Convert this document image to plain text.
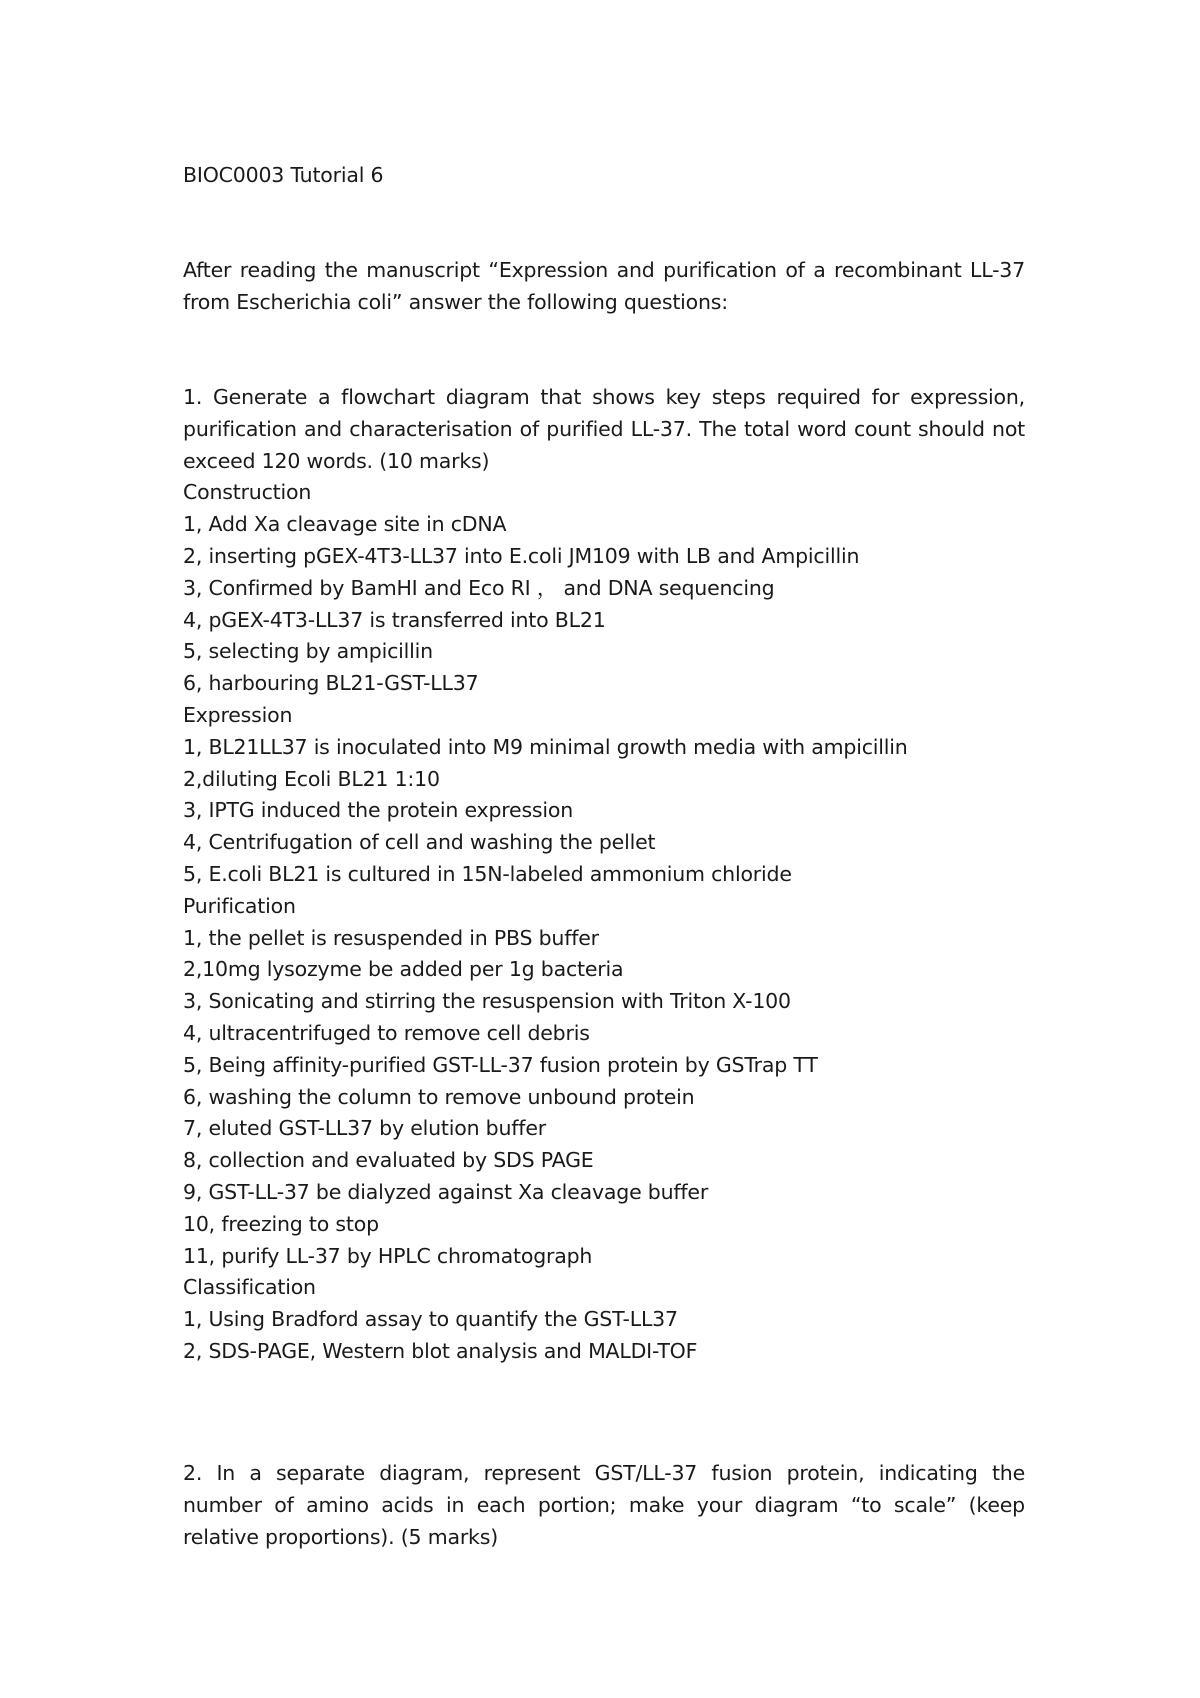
BIOC0003 Tutorial 6
After reading the manuscript “Expression and purification of a recombinant LL-37 from Escherichia coli” answer the following questions:
1. Generate a flowchart diagram that shows key steps required for expression, purification and characterisation of purified LL-37. The total word count should not exceed 120 words. (10 marks)
Construction
1, Add Xa cleavage site in cDNA
2, inserting pGEX-4T3-LL37 into E.coli JM109 with LB and Ampicillin
3, Confirmed by BamHI and Eco RI ， and DNA sequencing
4, pGEX-4T3-LL37 is transferred into BL21
5, selecting by ampicillin
6, harbouring BL21-GST-LL37
Expression
1, BL21LL37 is inoculated into M9 minimal growth media with ampicillin
2,diluting Ecoli BL21 1:10
3, IPTG induced the protein expression
4, Centrifugation of cell and washing the pellet
5, E.coli BL21 is cultured in 15N-labeled ammonium chloride
Purification
1, the pellet is resuspended in PBS buffer
2,10mg lysozyme be added per 1g bacteria
3, Sonicating and stirring the resuspension with Triton X-100
4, ultracentrifuged to remove cell debris
5, Being affinity-purified GST-LL-37 fusion protein by GSTrap TT
6, washing the column to remove unbound protein
7, eluted GST-LL37 by elution buffer
8, collection and evaluated by SDS PAGE
9, GST-LL-37 be dialyzed against Xa cleavage buffer
10, freezing to stop
11, purify LL-37 by HPLC chromatograph
Classification
1, Using Bradford assay to quantify the GST-LL37
2, SDS-PAGE, Western blot analysis and MALDI-TOF
2. In a separate diagram, represent GST/LL-37 fusion protein, indicating the number of amino acids in each portion; make your diagram “to scale” (keep relative proportions). (5 marks)
